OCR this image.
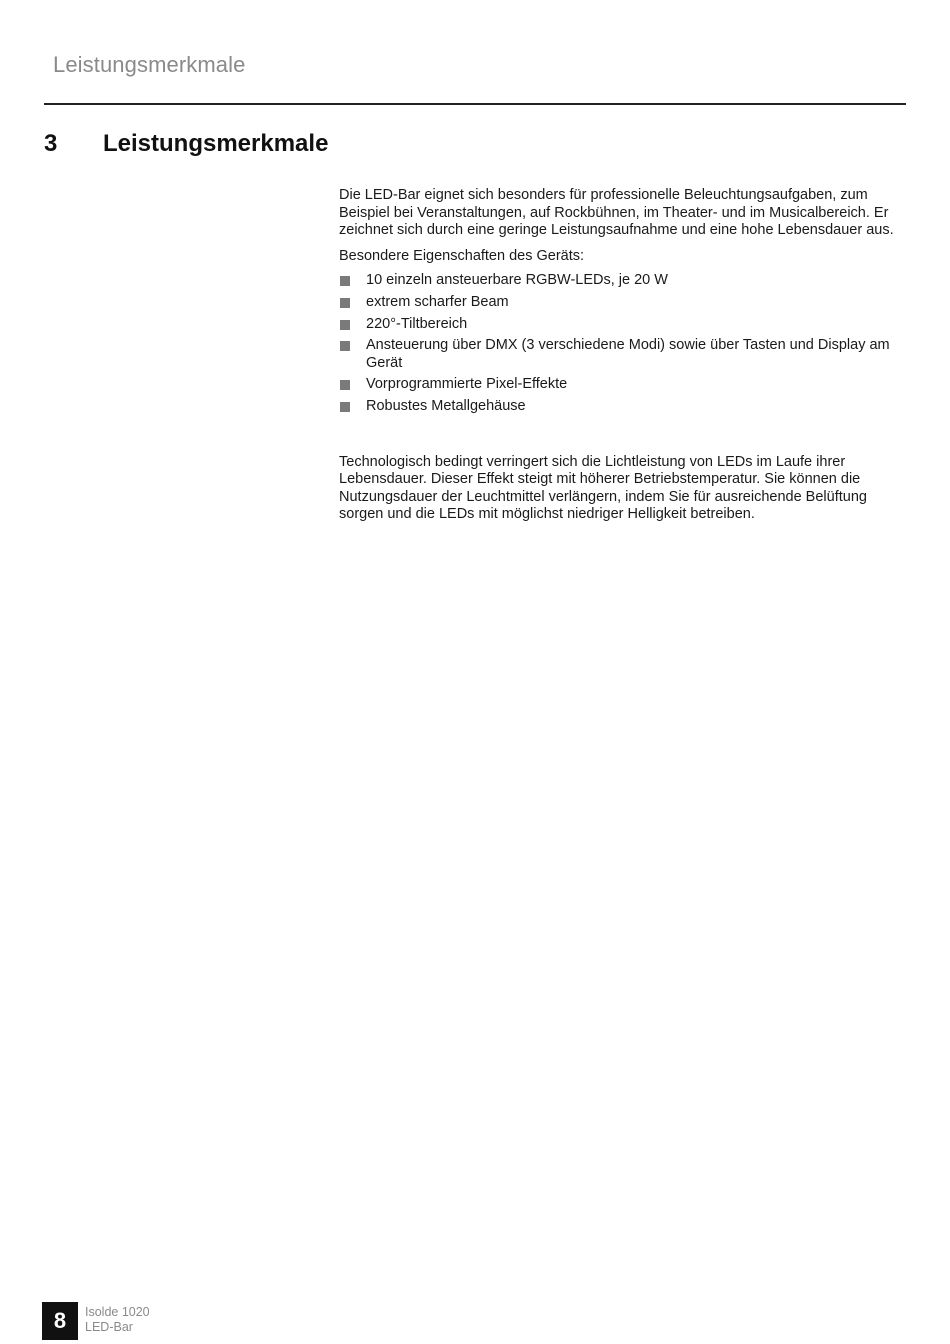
Leistungsmerkmale
3 Leistungsmerkmale

Die LED-Bar eignet sich besonders für professionelle Beleuchtungsaufgaben, zum Beispiel bei Veranstaltungen, auf Rockbühnen, im Theater- und im Musicalbereich. Er zeichnet sich durch eine geringe Leistungsaufnahme und eine hohe Lebensdauer aus.

Besondere Eigenschaften des Geräts:

10 einzeln ansteuerbare RGBW-LEDs, je 20 W
extrem scharfer Beam
220°-Tiltbereich
Ansteuerung über DMX (3 verschiedene Modi) sowie über Tasten und Display am Gerät
Vorprogrammierte Pixel-Effekte
Robustes Metallgehäuse

Technologisch bedingt verringert sich die Lichtleistung von LEDs im Laufe ihrer Lebensdauer. Dieser Effekt steigt mit höherer Betriebstemperatur. Sie können die Nutzungsdauer der Leuchtmittel verlängern, indem Sie für ausreichende Belüftung sorgen und die LEDs mit möglichst niedriger Helligkeit betreiben.

8	Isolde 1020
LED-Bar
